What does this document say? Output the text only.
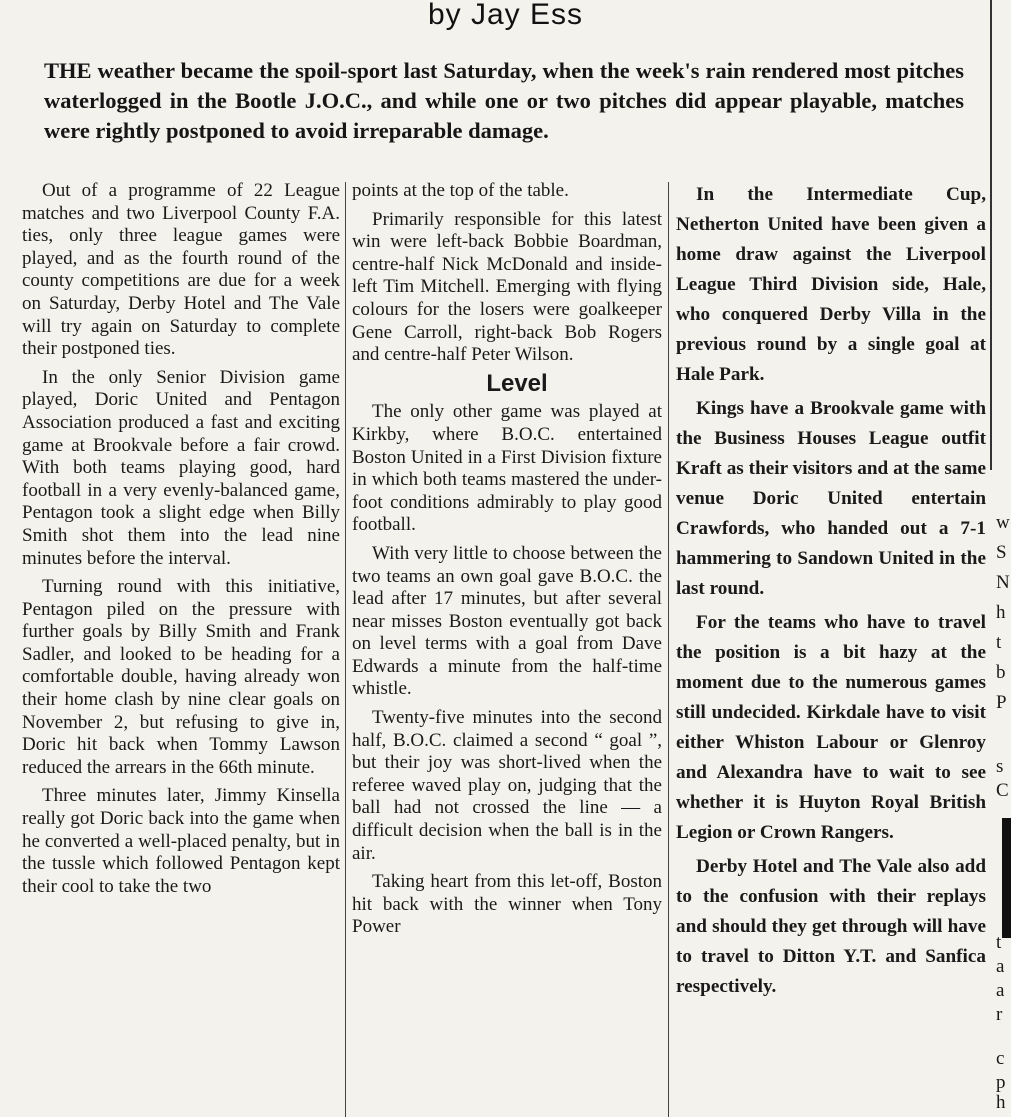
by Jay Ess
THE weather became the spoil-sport last Saturday, when the week's rain rendered most pitches waterlogged in the Bootle J.O.C., and while one or two pitches did appear playable, matches were rightly postponed to avoid irreparable damage.

Out of a programme of 22 League matches and two Liverpool County F.A. ties, only three league games were played, and as the fourth round of the county competitions are due for a week on Saturday, Derby Hotel and The Vale will try again on Saturday to complete their postponed ties.

In the only Senior Division game played, Doric United and Pentagon Association produced a fast and exciting game at Brookvale before a fair crowd. With both teams playing good, hard football in a very evenly-balanced game, Pentagon took a slight edge when Billy Smith shot them into the lead nine minutes before the interval.

Turning round with this initiative, Pentagon piled on the pressure with further goals by Billy Smith and Frank Sadler, and looked to be heading for a comfortable double, having already won their home clash by nine clear goals on November 2, but refusing to give in, Doric hit back when Tommy Lawson reduced the arrears in the 66th minute.

Three minutes later, Jimmy Kinsella really got Doric back into the game when he converted a well-placed penalty, but in the tussle which followed Pentagon kept their cool to take the two

points at the top of the table.

Primarily responsible for this latest win were left-back Bobbie Boardman, centre-half Nick McDonald and inside-left Tim Mitchell. Emerging with flying colours for the losers were goalkeeper Gene Carroll, right-back Bob Rogers and centre-half Peter Wilson.

Level

The only other game was played at Kirkby, where B.O.C. entertained Boston United in a First Division fixture in which both teams mastered the under-foot conditions admirably to play good football.

With very little to choose between the two teams an own goal gave B.O.C. the lead after 17 minutes, but after several near misses Boston eventually got back on level terms with a goal from Dave Edwards a minute from the half-time whistle.

Twenty-five minutes into the second half, B.O.C. claimed a second “ goal ”, but their joy was short-lived when the referee waved play on, judging that the ball had not crossed the line — a difficult decision when the ball is in the air.

Taking heart from this let-off, Boston hit back with the winner when Tony Power

In the Intermediate Cup, Netherton United have been given a home draw against the Liverpool League Third Division side, Hale, who conquered Derby Villa in the previous round by a single goal at Hale Park.

Kings have a Brookvale game with the Business Houses League outfit Kraft as their visitors and at the same venue Doric United entertain Crawfords, who handed out a 7-1 hammering to Sandown United in the last round.

For the teams who have to travel the position is a bit hazy at the moment due to the numerous games still undecided. Kirkdale have to visit either Whiston Labour or Glenroy and Alexandra have to wait to see whether it is Huyton Royal British Legion or Crown Rangers.

Derby Hotel and The Vale also add to the confusion with their replays and should they get through will have to travel to Ditton Y.T. and Sanfica respectively.

w
S
N
h
t
b
P
s
C
t
a
a
r
c
p
h
